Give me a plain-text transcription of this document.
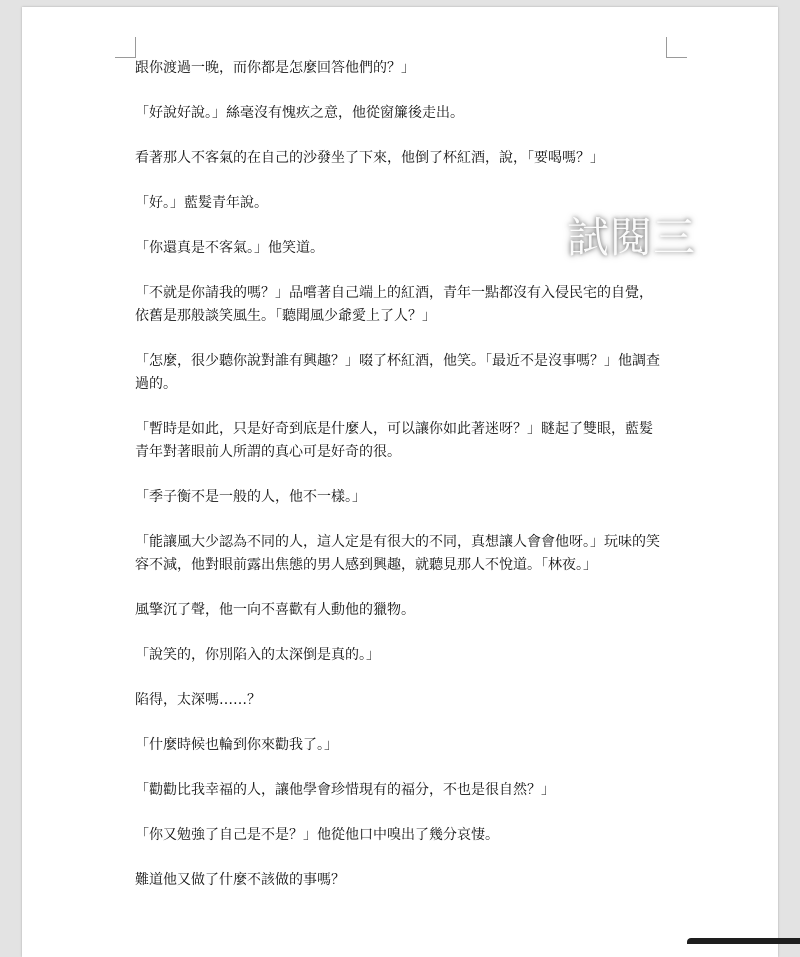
跟你渡過一晚，而你都是怎麼回答他們的？」

「好說好說。」絲毫沒有愧疚之意，他從窗簾後走出。

看著那人不客氣的在自己的沙發坐了下來，他倒了杯紅酒，說，「要喝嗎？」

「好。」藍髮青年說。

「你還真是不客氣。」他笑道。

「不就是你請我的嗎？」品嚐著自己端上的紅酒，青年一點都沒有入侵民宅的自覺，依舊是那般談笑風生。「聽聞風少爺愛上了人？」

「怎麼，很少聽你說對誰有興趣？」啜了杯紅酒，他笑。「最近不是沒事嗎？」他調查過的。

「暫時是如此，只是好奇到底是什麼人，可以讓你如此著迷呀？」瞇起了雙眼，藍髮青年對著眼前人所謂的真心可是好奇的很。

「季子衡不是一般的人，他不一樣。」

「能讓風大少認為不同的人，這人定是有很大的不同，真想讓人會會他呀。」玩味的笑容不減，他對眼前露出焦態的男人感到興趣，就聽見那人不悅道。「林夜。」

風擎沉了聲，他一向不喜歡有人動他的獵物。

「說笑的，你別陷入的太深倒是真的。」

陷得，太深嗎……？

「什麼時候也輪到你來勸我了。」

「勸勸比我幸福的人，讓他學會珍惜現有的福分，不也是很自然？」

「你又勉強了自己是不是？」他從他口中嗅出了幾分哀悽。

難道他又做了什麼不該做的事嗎？

試閱三
